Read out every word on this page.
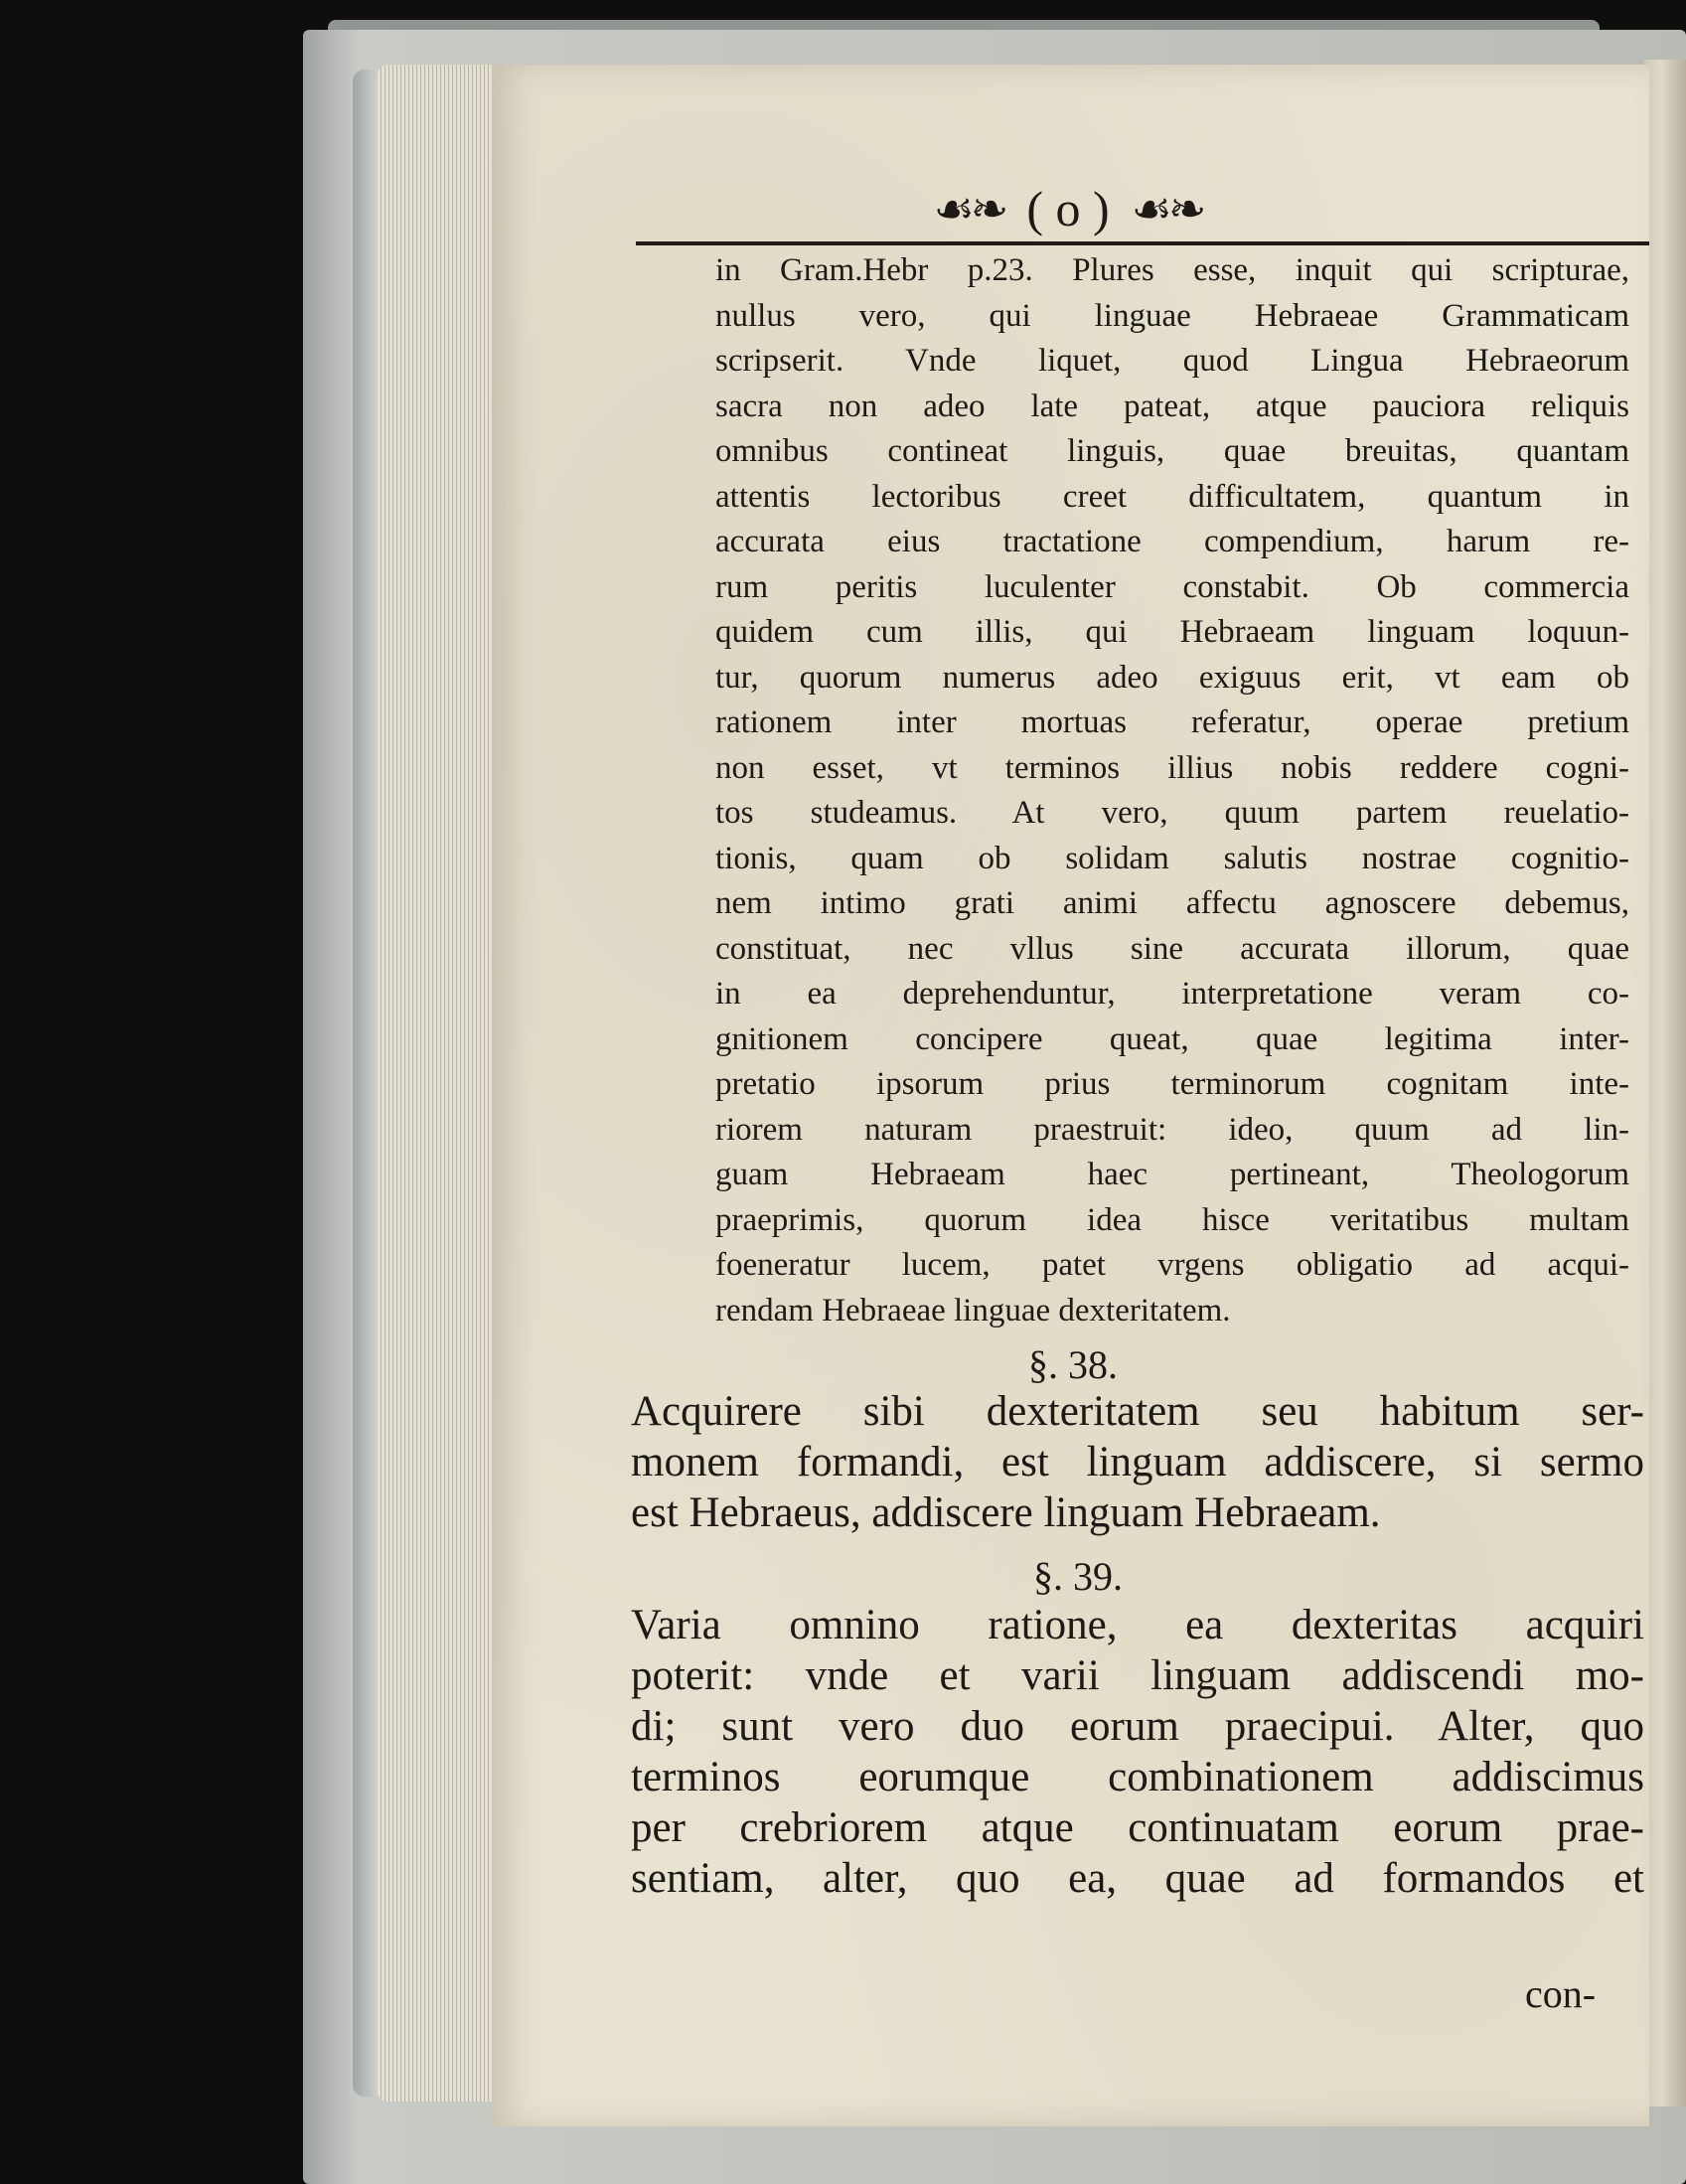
☙❧ ( o ) ☙❧
in Gram.Hebr p.23. Plures esse, inquit qui scripturae,
nullus vero, qui linguae Hebraeae Grammaticam
scripserit. Vnde liquet, quod Lingua Hebraeorum
sacra non adeo late pateat, atque pauciora reliquis
omnibus contineat linguis, quae breuitas, quantam
attentis lectoribus creet difficultatem, quantum in
accurata eius tractatione compendium, harum re-
rum peritis luculenter constabit. Ob commercia
quidem cum illis, qui Hebraeam linguam loquun-
tur, quorum numerus adeo exiguus erit, vt eam ob
rationem inter mortuas referatur, operae pretium
non esset, vt terminos illius nobis reddere cogni-
tos studeamus. At vero, quum partem reuelatio-
tionis, quam ob solidam salutis nostrae cognitio-
nem intimo grati animi affectu agnoscere debemus,
constituat, nec vllus sine accurata illorum, quae
in ea deprehenduntur, interpretatione veram co-
gnitionem concipere queat, quae legitima inter-
pretatio ipsorum prius terminorum cognitam inte-
riorem naturam praestruit: ideo, quum ad lin-
guam Hebraeam haec pertineant, Theologorum
praeprimis, quorum idea hisce veritatibus multam
foeneratur lucem, patet vrgens obligatio ad acqui-
rendam Hebraeae linguae dexteritatem.
§. 38.
Acquirere sibi dexteritatem seu habitum ser-
monem formandi, est linguam addiscere, si sermo
est Hebraeus, addiscere linguam Hebraeam.
§. 39.
Varia omnino ratione, ea dexteritas acquiri
poterit: vnde et varii linguam addiscendi mo-
di; sunt vero duo eorum praecipui. Alter, quo
terminos eorumque combinationem addiscimus
per crebriorem atque continuatam eorum prae-
sentiam, alter, quo ea, quae ad formandos et
con-
